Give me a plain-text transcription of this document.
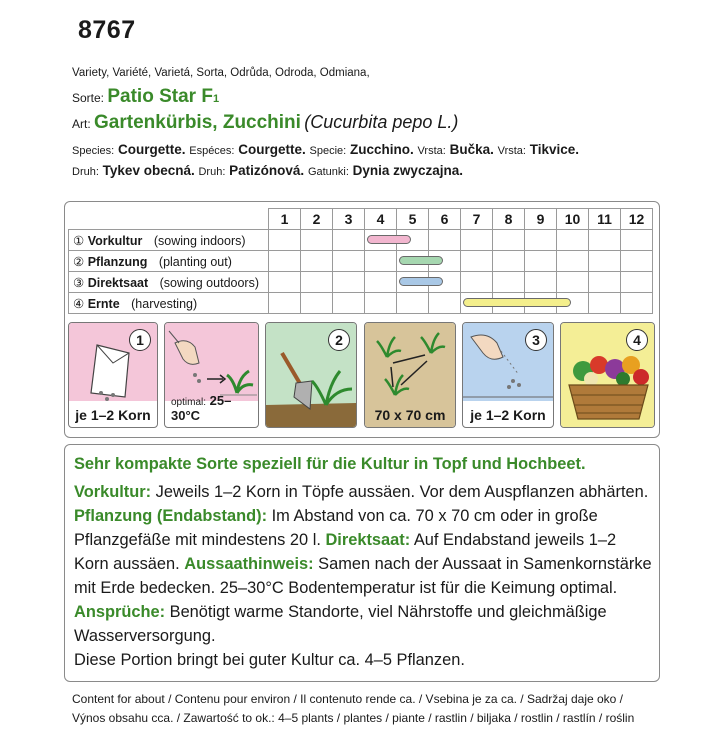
8767
Variety, Variété, Varietá, Sorta, Odrůda, Odroda, Odmiana,
Sorte: Patio Star F1
Art: Gartenkürbis, Zucchini (Cucurbita pepo L.)
Species: Courgette. Espéces: Courgette. Specie: Zucchino. Vrsta: Bučka. Vrsta: Tikvice.
Druh: Tykev obecná. Druh: Patizónová. Gatunki: Dynia zwyczajna.
	1	2	3	4	5	6	7	8	9	10	11	12
① Vorkultur (sowing indoors)												
② Pflanzung (planting out)												
③ Direktsaat (sowing outdoors)												
④ Ernte (harvesting)												
1
je 1–2 Korn
optimal: 25–30°C
2
70 x 70 cm
3
je 1–2 Korn
4

Sehr kompakte Sorte speziell für die Kultur in Topf und Hochbeet.

Vorkultur: Jeweils 1–2 Korn in Töpfe aussäen. Vor dem Auspflanzen abhärten. Pflanzung (Endabstand): Im Abstand von ca. 70 x 70 cm oder in große Pflanzgefäße mit mindestens 20 l. Direktsaat: Auf Endabstand jeweils 1–2 Korn aussäen. Aussaathinweis: Samen nach der Aussaat in Samenkornstärke mit Erde bedecken. 25–30°C Bodentemperatur ist für die Keimung optimal. Ansprüche: Benötigt warme Standorte, viel Nährstoffe und gleichmäßige Wasserversorgung.

Diese Portion bringt bei guter Kultur ca. 4–5 Pflanzen.

Content for about / Contenu pour environ / Il contenuto rende ca. / Vsebina je za ca. / Sadržaj daje oko /
Výnos obsahu cca. / Zawartość to ok.: 4–5 plants / plantes / piante / rastlin / biljaka / rostlin / rastlín / roślin
